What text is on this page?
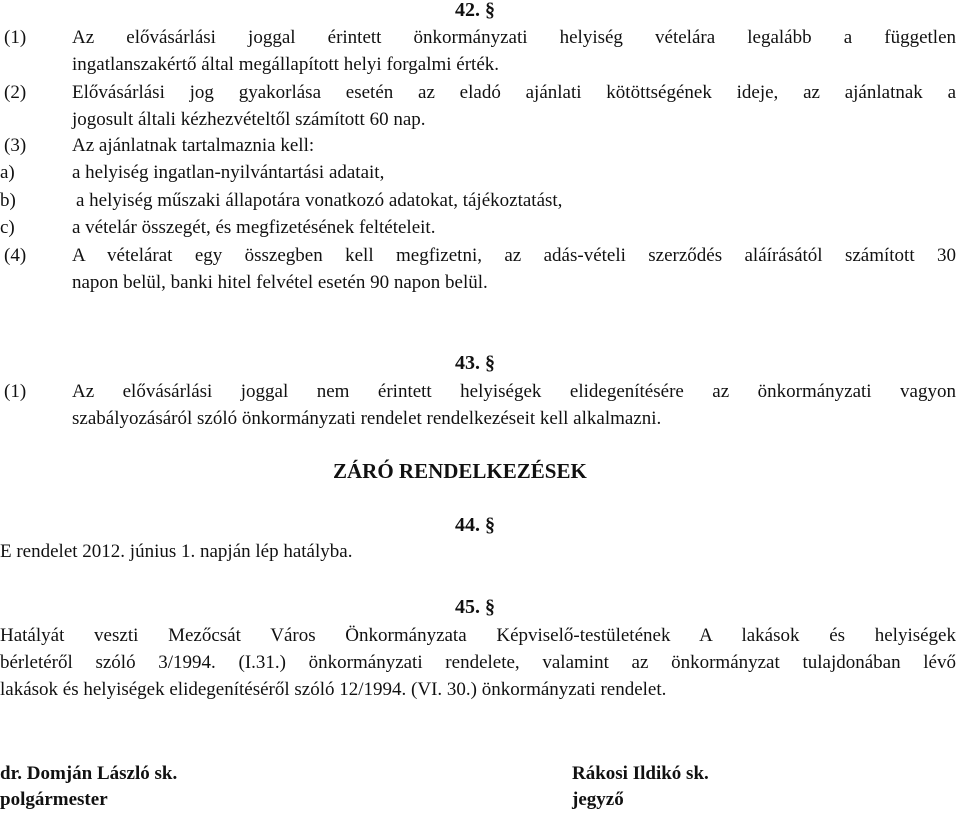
42. §
(1) Az elővásárlási joggal érintett önkormányzati helyiség vételára legalább a független
ingatlanszakértő által megállapított helyi forgalmi érték.
(2) Elővásárlási jog gyakorlása esetén az eladó ajánlati kötöttségének ideje, az ajánlatnak a
jogosult általi kézhezvételtől számított 60 nap.
(3) Az ajánlatnak tartalmaznia kell:
a)	a helyiség ingatlan-nyilvántartási adatait,
b)	a helyiség műszaki állapotára vonatkozó adatokat, tájékoztatást,
c)	a vételár összegét, és megfizetésének feltételeit.
(4) A vételárat egy összegben kell megfizetni, az adás-vételi szerződés aláírásától számított 30
napon belül, banki hitel felvétel esetén 90 napon belül.
43. §
(1) Az elővásárlási joggal nem érintett helyiségek elidegenítésére az önkormányzati vagyon
szabályozásáról szóló önkormányzati rendelet rendelkezéseit kell alkalmazni.
ZÁRÓ RENDELKEZÉSEK
44. §
E rendelet 2012. június 1. napján lép hatályba.
45. §
Hatályát veszti Mezőcsát Város Önkormányzata Képviselő-testületének A lakások és helyiségek
bérletéről szóló 3/1994. (I.31.) önkormányzati rendelete, valamint az önkormányzat tulajdonában lévő
lakások és helyiségek elidegenítéséről szóló 12/1994. (VI. 30.) önkormányzati rendelet.
dr. Domján László sk.
polgármester
Rákosi Ildikó sk.
jegyző
